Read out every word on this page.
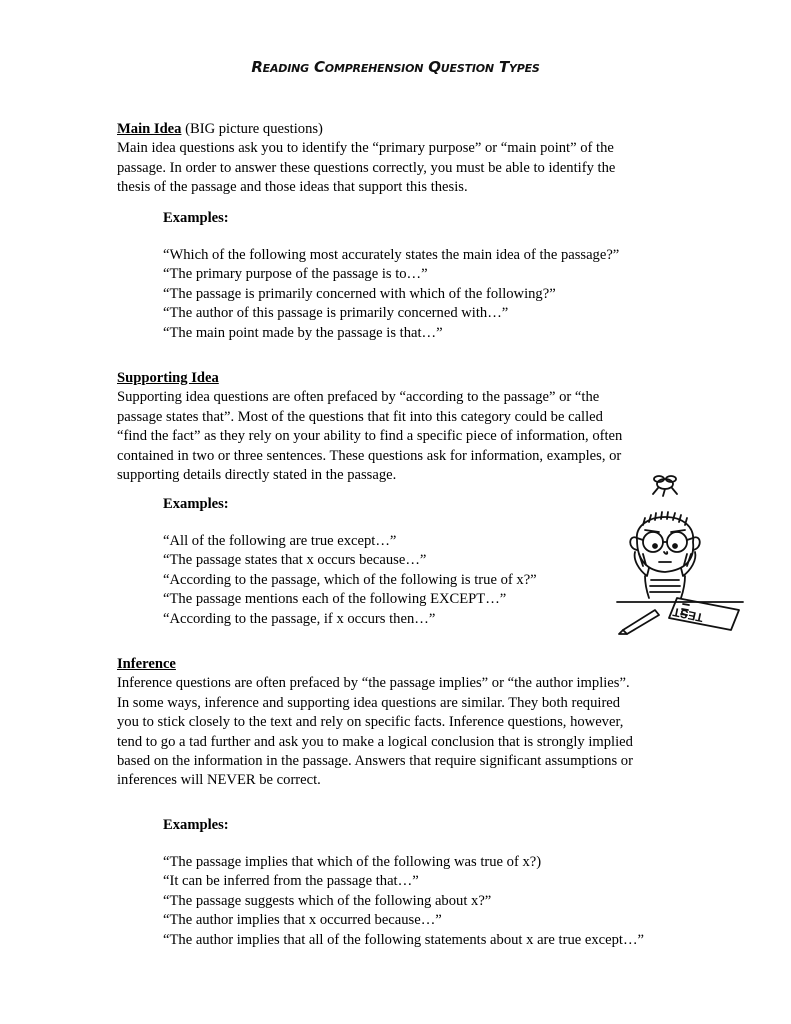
Reading Comprehension Question Types
Main Idea (BIG picture questions)
Main idea questions ask you to identify the “primary purpose” or “main point” of the
passage. In order to answer these questions correctly, you must be able to identify the
thesis of the passage and those ideas that support this thesis.
Examples:
“Which of the following most accurately states the main idea of the passage?”
“The primary purpose of the passage is to…”
“The passage is primarily concerned with which of the following?”
“The author of this passage is primarily concerned with…”
“The main point made by the passage is that…”
Supporting Idea
Supporting idea questions are often prefaced by “according to the passage” or “the
passage states that”. Most of the questions that fit into this category could be called
“find the fact” as they rely on your ability to find a specific piece of information, often
contained in two or three sentences. These questions ask for information, examples, or
supporting details directly stated in the passage.
Examples:
“All of the following are true except…”
“The passage states that x occurs because…”
“According to the passage, which of the following is true of x?”
“The passage mentions each of the following EXCEPT…”
“According to the passage, if x occurs then…”	TEST
Inference
Inference questions are often prefaced by “the passage implies” or “the author implies”.
In some ways, inference and supporting idea questions are similar. They both required
you to stick closely to the text and rely on specific facts. Inference questions, however,
tend to go a tad further and ask you to make a logical conclusion that is strongly implied
based on the information in the passage. Answers that require significant assumptions or
inferences will NEVER be correct.
Examples:
“The passage implies that which of the following was true of x?)
“It can be inferred from the passage that…”
“The passage suggests which of the following about x?”
“The author implies that x occurred because…”
“The author implies that all of the following statements about x are true except…”
